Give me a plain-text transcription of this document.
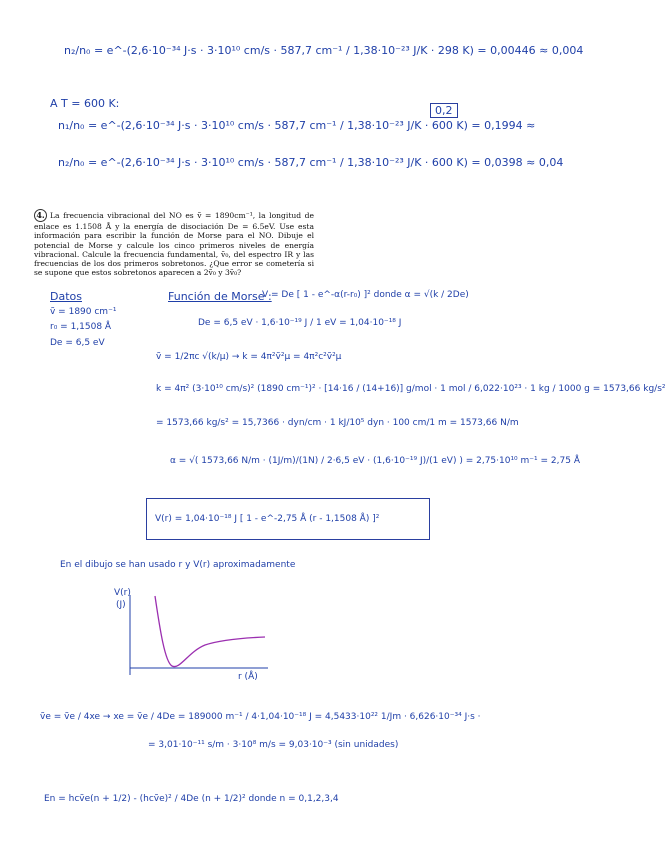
n₂/n₀ = e^-(2,6·10⁻³⁴ J·s · 3·10¹⁰ cm/s · 587,7 cm⁻¹ / 1,38·10⁻²³ J/K · 298 K) = 0,00446 ≈ 0,004
A T = 600 K:
n₁/n₀ = e^-(2,6·10⁻³⁴ J·s · 3·10¹⁰ cm/s · 587,7 cm⁻¹ / 1,38·10⁻²³ J/K · 600 K) = 0,1994 ≈
0,2
n₂/n₀ = e^-(2,6·10⁻³⁴ J·s · 3·10¹⁰ cm/s · 587,7 cm⁻¹ / 1,38·10⁻²³ J/K · 600 K) = 0,0398 ≈ 0,04
4. La frecuencia vibracional del NO es ṽ = 1890cm⁻¹, la longitud de enlace es 1.1508 Å y la energía de disociación De = 6.5eV. Use esta información para escribir la función de Morse para el NO. Dibuje el potencial de Morse y calcule los cinco primeros niveles de energía vibracional. Calcule la frecuencia fundamental, ṽ₀, del espectro IR y las frecuencias de los dos primeros sobretonos. ¿Que error se cometería si se supone que estos sobretonos aparecen a 2ṽ₀ y 3ṽ₀?
Datos
ṽ = 1890 cm⁻¹
r₀ = 1,1508 Å
De = 6,5 eV
Función de Morse :
V = De [ 1 - e^-α(r-r₀) ]² donde α = √(k / 2De)
De = 6,5 eV · 1,6·10⁻¹⁹ J / 1 eV = 1,04·10⁻¹⁸ J
ṽ = 1/2πc √(k/μ) → k = 4π²ṽ²μ = 4π²c²ṽ²μ
k = 4π² (3·10¹⁰ cm/s)² (1890 cm⁻¹)² · [14·16 / (14+16)] g/mol · 1 mol / 6,022·10²³ · 1 kg / 1000 g = 1573,66 kg/s²
= 1573,66 kg/s² = 15,7366 · dyn/cm · 1 kJ/10⁵ dyn · 100 cm/1 m = 1573,66 N/m
α = √( 1573,66 N/m · (1J/m)/(1N) / 2·6,5 eV · (1,6·10⁻¹⁹ J)/(1 eV) ) = 2,75·10¹⁰ m⁻¹ = 2,75 Å
V(r) = 1,04·10⁻¹⁸ J [ 1 - e^-2,75 Å (r - 1,1508 Å) ]²
En el dibujo se han usado r y V(r) aproximadamente
V(r)
(J)
r (Å)
ṽe = ṽe / 4xe → xe = ṽe / 4De = 189000 m⁻¹ / 4·1,04·10⁻¹⁸ J = 4,5433·10²² 1/Jm · 6,626·10⁻³⁴ J·s ·
= 3,01·10⁻¹¹ s/m · 3·10⁸ m/s = 9,03·10⁻³ (sin unidades)
En = hcṽe(n + 1/2) - (hcṽe)² / 4De (n + 1/2)² donde n = 0,1,2,3,4
